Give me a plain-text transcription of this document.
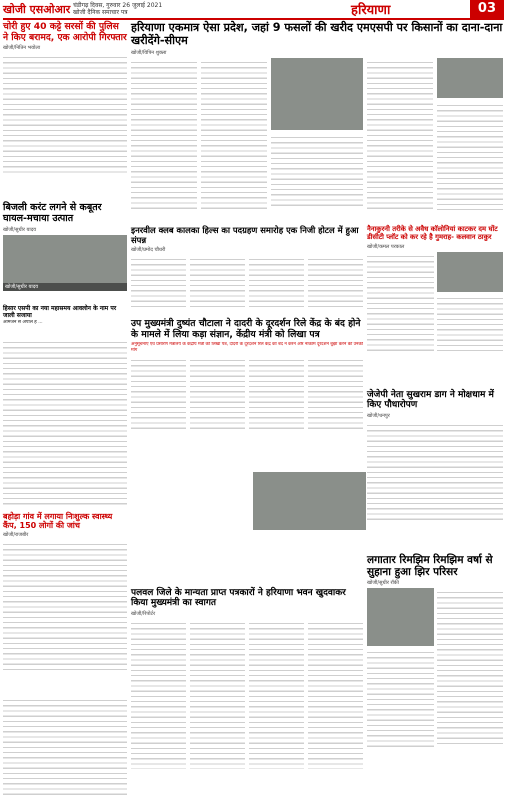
खोजी एसओआर चंडीगढ़ दिवस, गुरुवार 26 जुलाई 2021
खोजी दैनिक समाचार पत्र	हरियाणा	03
चोरी हुए 40 कट्टे सरसों की पुलिस ने किए बरामद, एक आरोपी गिरफ्तार
खोजी/नितिन भयोला
हरियाणा एकमात्र ऐसा प्रदेश, जहां 9 फसलों की खरीद एमएसपी पर किसानों का दाना-दाना खरीदेंगे-सीएम
खोजी/विपिन शुक्ला
बिजली करंट लगने से कबूतर घायल-मचाया उत्पात
खोजी/सुधीर यादव
खोजी/सुधीर यादव
इनरवील क्लब कालका हिल्स का पदग्रहण समारोह एक निजी होटल में हुआ संपन्न
खोजी/प्रमोद चौधरी
नैनाकुरनी तरीके से अवैध कॉलोनियां काटकर दम घोंट डीसीटी प्लॉट को कर रहे है गुमराह- कलवान ठाकुर
खोजी/कमल परकाल
हिसार एसपी का नया महासमय आवलोन के नाम पर जाली सजाया
आमजन से अपील है ...	उप मुख्यमंत्री दुष्यंत चौटाला ने दादरी के दूरदर्शन रिले केंद्र के बंद होने के मामले में लिया कड़ा संज्ञान, केंद्रीय मंत्री को लिखा पत्र
अनुसूचनाएँ एवं प्रसारण मंत्रालय के केंद्रीय मंत्री को लिखा पत्र, दादरी के दूरदर्शन रिले केंद्र को बंद न करने और नाकाम दूरदर्शन बुझा करने की उनकी मांग
जेजेपी नेता सुखराम डाग ने मोक्षधाम में किए पौधारोपण
खोजी/धनपुर
बहोड़ा गांव में लगाया निःशुल्क स्वास्थ्य कैंप, 150 लोगों की जांच
खोजी/राजबीर
पलवल जिले के मान्यता प्राप्त पत्रकारों ने हरियाणा भवन खुदवाकर किया मुख्यमंत्री का स्वागत
खोजी/रिपोर्टर
लगातार रिमझिम रिमझिम वर्षा से सुहाना हुआ झिर परिसर
खोजी/सुधीर रॉकी
